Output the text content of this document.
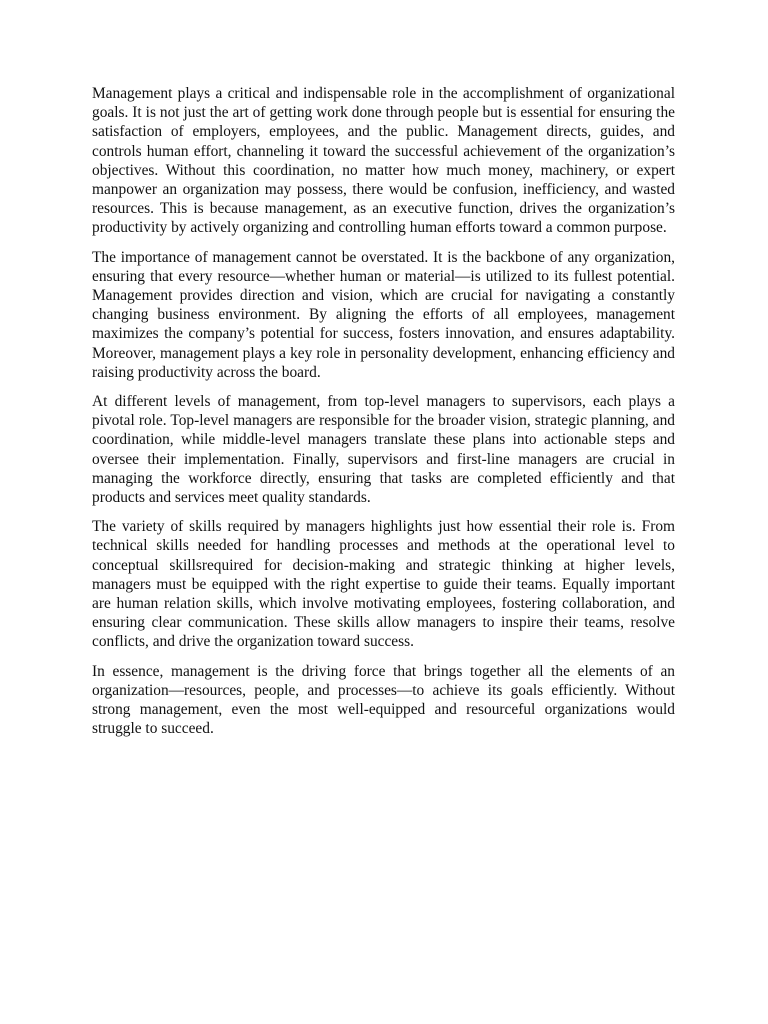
Management plays a critical and indispensable role in the accomplishment of organizational goals. It is not just the art of getting work done through people but is essential for ensuring the satisfaction of employers, employees, and the public. Management directs, guides, and controls human effort, channeling it toward the successful achievement of the organization’s objectives. Without this coordination, no matter how much money, machinery, or expert manpower an organization may possess, there would be confusion, inefficiency, and wasted resources. This is because management, as an executive function, drives the organization’s productivity by actively organizing and controlling human efforts toward a common purpose.

The importance of management cannot be overstated. It is the backbone of any organization, ensuring that every resource—whether human or material—is utilized to its fullest potential. Management provides direction and vision, which are crucial for navigating a constantly changing business environment. By aligning the efforts of all employees, management maximizes the company’s potential for success, fosters innovation, and ensures adaptability. Moreover, management plays a key role in personality development, enhancing efficiency and raising productivity across the board.

At different levels of management, from top-level managers to supervisors, each plays a pivotal role. Top-level managers are responsible for the broader vision, strategic planning, and coordination, while middle-level managers translate these plans into actionable steps and oversee their implementation. Finally, supervisors and first-line managers are crucial in managing the workforce directly, ensuring that tasks are completed efficiently and that products and services meet quality standards.

The variety of skills required by managers highlights just how essential their role is. From technical skills needed for handling processes and methods at the operational level to conceptual skillsrequired for decision-making and strategic thinking at higher levels, managers must be equipped with the right expertise to guide their teams. Equally important are human relation skills, which involve motivating employees, fostering collaboration, and ensuring clear communication. These skills allow managers to inspire their teams, resolve conflicts, and drive the organization toward success.

In essence, management is the driving force that brings together all the elements of an organization—resources, people, and processes—to achieve its goals efficiently. Without strong management, even the most well-equipped and resourceful organizations would struggle to succeed.
